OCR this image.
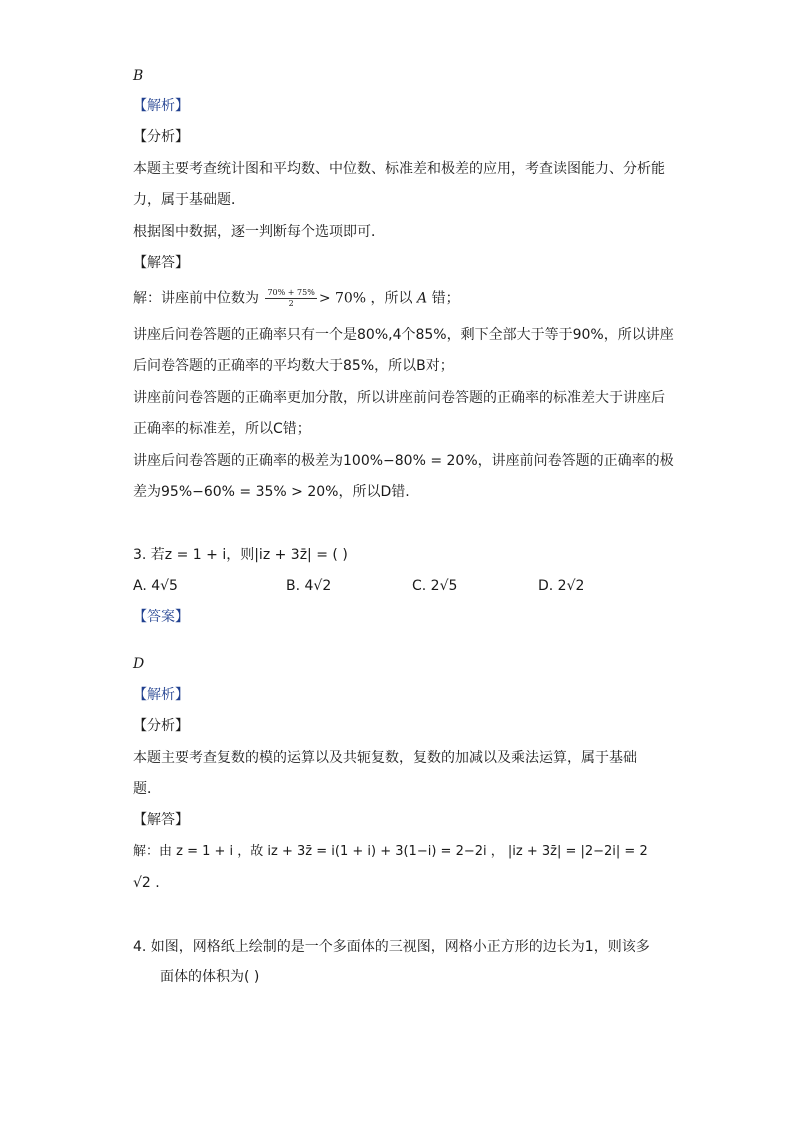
B
【解析】
【分析】
本题主要考查统计图和平均数、中位数、标准差和极差的应用，考查读图能力、分析能
力，属于基础题．
根据图中数据，逐一判断每个选项即可．
【解答】
解：讲座前中位数为 $\frac{70\% + 75\%}{2} > 70\%$ ，所以 A 错；
讲座后问卷答题的正确率只有一个是80%,4个85%，剩下全部大于等于90%，所以讲座
后问卷答题的正确率的平均数大于85%，所以B对；
讲座前问卷答题的正确率更加分散，所以讲座前问卷答题的正确率的标准差大于讲座后
正确率的标准差，所以C错；
讲座后问卷答题的正确率的极差为100%−80% = 20%，讲座前问卷答题的正确率的极
差为95%−60% = 35% > 20%，所以D错.
3. 若z = 1 + i，则|iz + 3z̄| = ( )
A. 4√5	B. 4√2	C. 2√5	D. 2√2
【答案】
D
【解析】
【分析】
本题主要考查复数的模的运算以及共轭复数，复数的加减以及乘法运算，属于基础
题．
【解答】
解：由 z = 1 + i ，故 iz + 3z̄ = i(1 + i) + 3(1−i) = 2−2i ， |iz + 3z̄| = |2−2i| = 2
√2 .
4. 如图，网格纸上绘制的是一个多面体的三视图，网格小正方形的边长为1，则该多
面体的体积为( )
